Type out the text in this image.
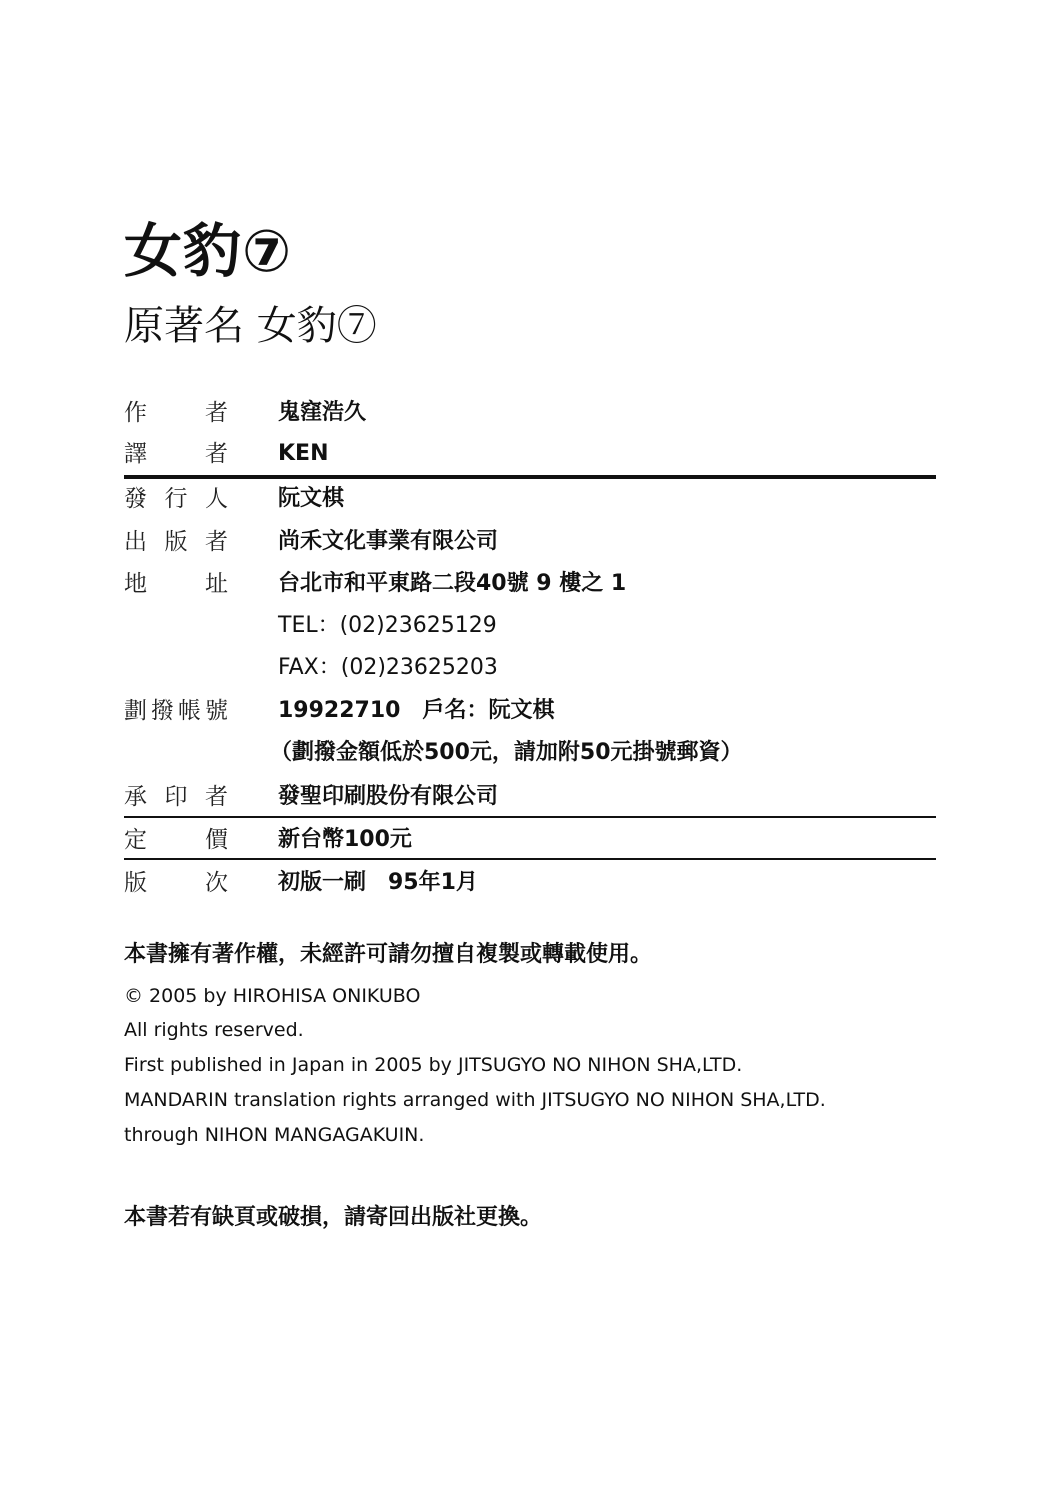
女豹⑦
原著名 女豹⑦
作	者 鬼窪浩久
譯	者 KEN
發 行 人 阮文棋
出 版 者 尚禾文化事業有限公司
地	址 台北市和平東路二段40號 9 樓之 1
TEL：(02)23625129
FAX：(02)23625203
劃 撥 帳 號 19922710　戶名：阮文棋
（劃撥金額低於500元，請加附50元掛號郵資）
承 印 者 發聖印刷股份有限公司
定	價 新台幣100元
版	次 初版一刷　95年1月
本書擁有著作權，未經許可請勿擅自複製或轉載使用。
© 2005 by HIROHISA ONIKUBO
All rights reserved.
First published in Japan in 2005 by JITSUGYO NO NIHON SHA,LTD.
MANDARIN translation rights arranged with JITSUGYO NO NIHON SHA,LTD.
through NIHON MANGAGAKUIN.
本書若有缺頁或破損，請寄回出版社更換。
